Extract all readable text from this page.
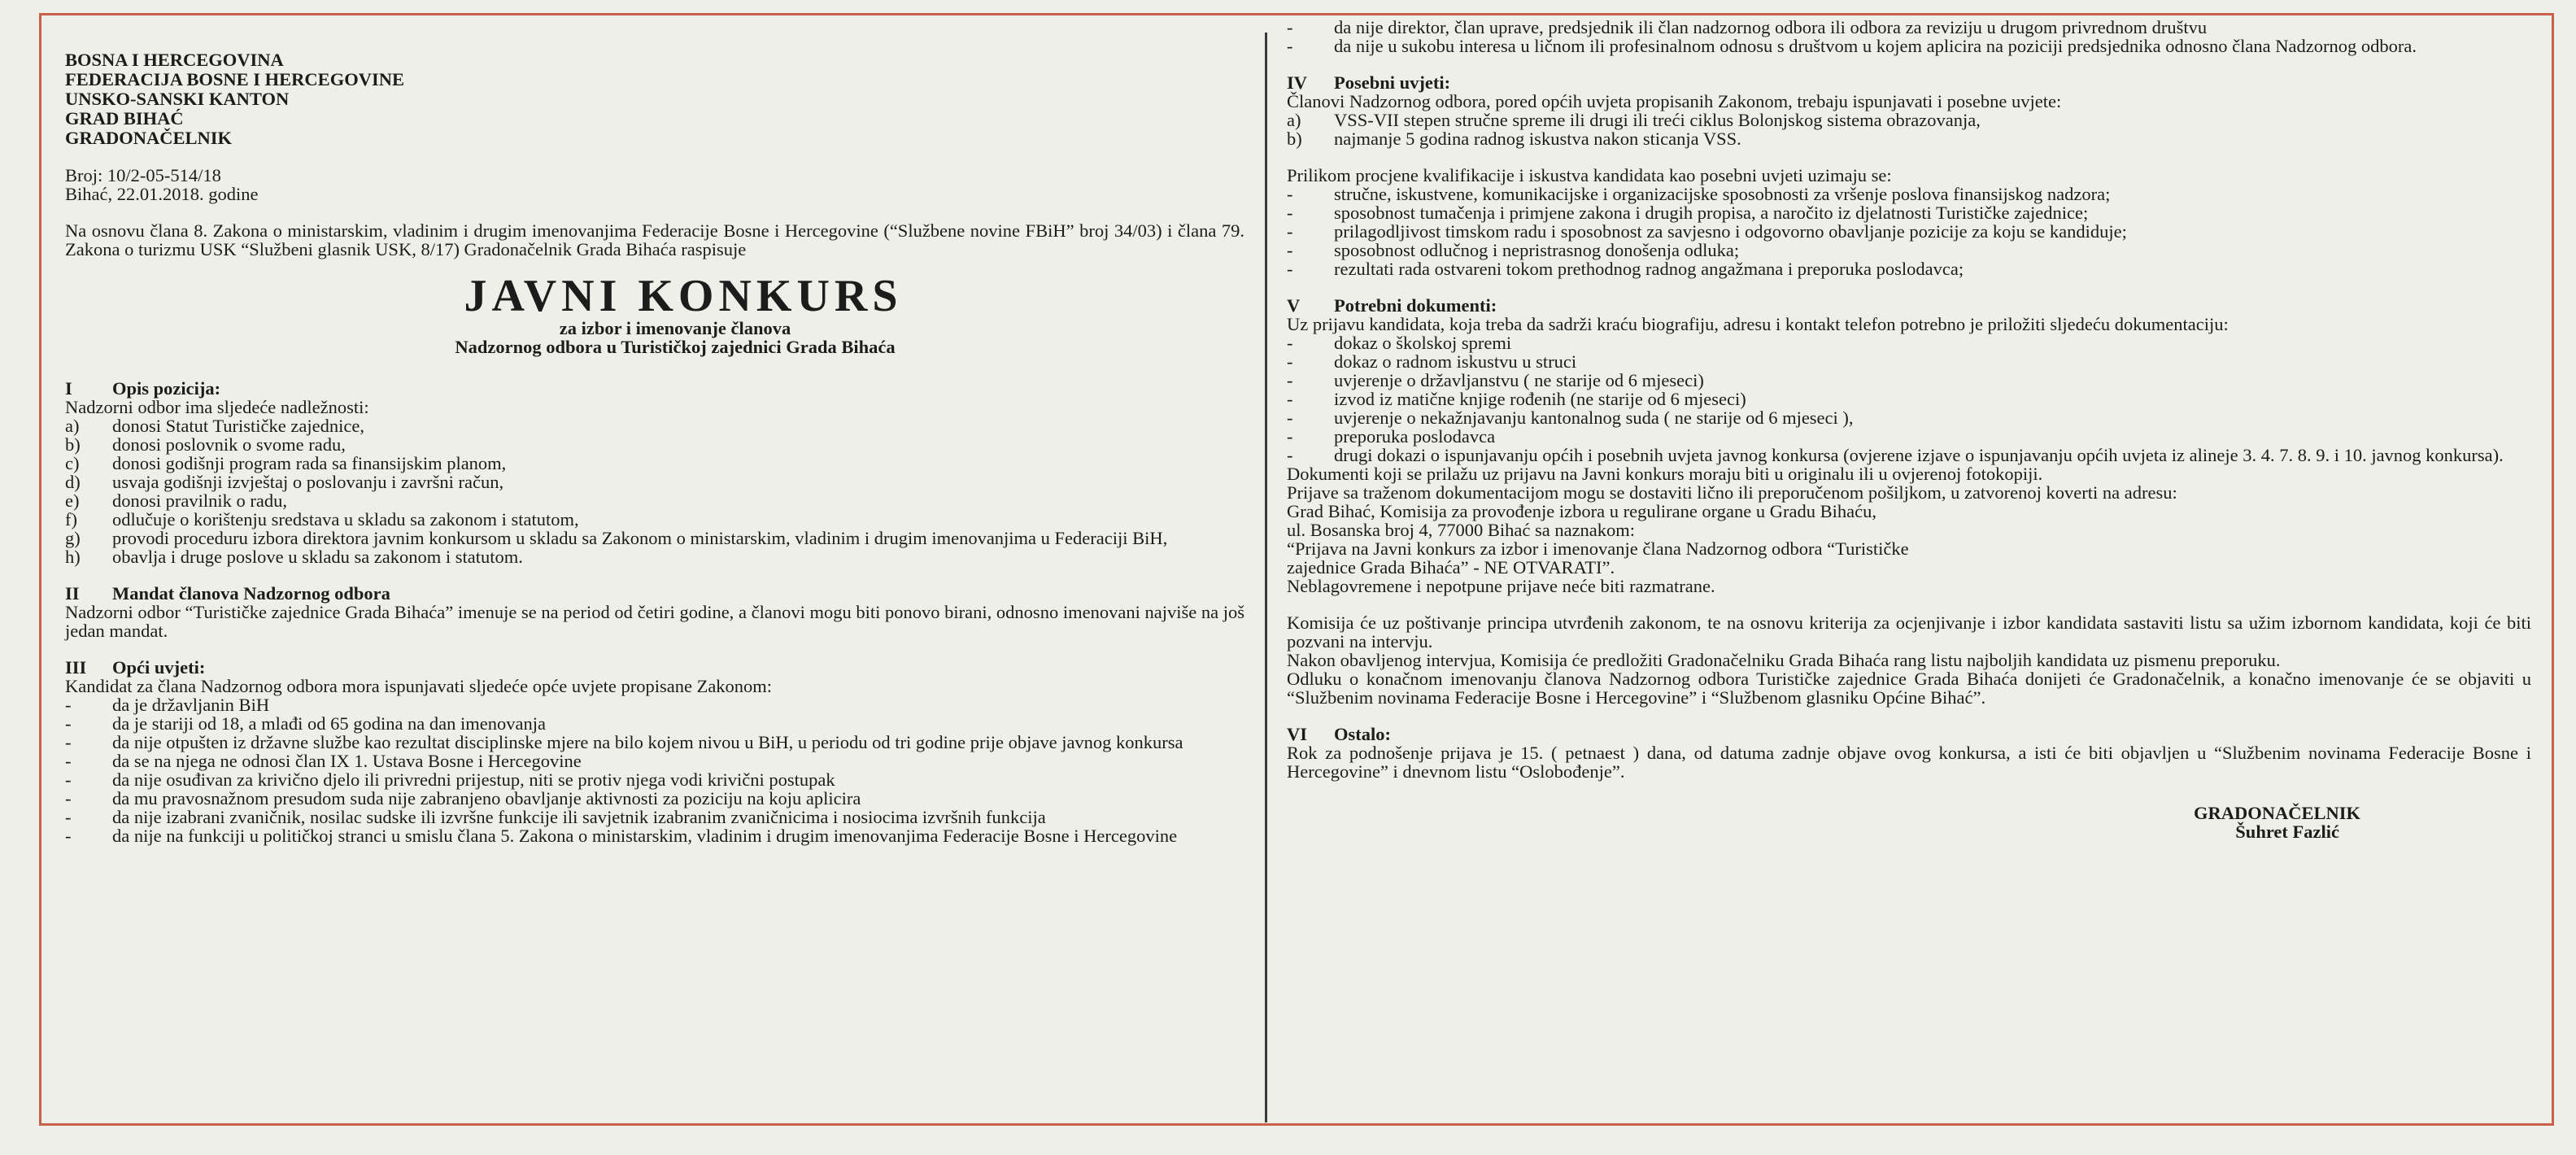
BOSNA I HERCEGOVINA
FEDERACIJA BOSNE I HERCEGOVINE
UNSKO-SANSKI KANTON
GRAD BIHAĆ
GRADONAČELNIK
Broj: 10/2-05-514/18
Bihać, 22.01.2018. godine
Na osnovu člana 8. Zakona o ministarskim, vladinim i drugim imenovanjima Federacije Bosne i Hercegovine (“Službene novine FBiH” broj 34/03) i člana 79. Zakona o turizmu USK “Službeni glasnik USK, 8/17) Gradonačelnik Grada Bihaća raspisuje
JAVNI KONKURS
za izbor i imenovanje članova
Nadzornog odbora u Turističkoj zajednici Grada Bihaća
I Opis pozicija:
Nadzorni odbor ima sljedeće nadležnosti:
a) donosi Statut Turističke zajednice,
b) donosi poslovnik o svome radu,
c) donosi godišnji program rada sa finansijskim planom,
d) usvaja godišnji izvještaj o poslovanju i završni račun,
e) donosi pravilnik o radu,
f) odlučuje o korištenju sredstava u skladu sa zakonom i statutom,
g) provodi proceduru izbora direktora javnim konkursom u skladu sa Zakonom o ministarskim, vladinim i drugim imenovanjima u Federaciji BiH,
h) obavlja i druge poslove u skladu sa zakonom i statutom.
II Mandat članova Nadzornog odbora
Nadzorni odbor “Turističke zajednice Grada Bihaća” imenuje se na period od četiri godine, a članovi mogu biti ponovo birani, odnosno imenovani najviše na još jedan mandat.
III Opći uvjeti:
Kandidat za člana Nadzornog odbora mora ispunjavati sljedeće opće uvjete propisane Zakonom:
- da je državljanin BiH
- da je stariji od 18, a mlađi od 65 godina na dan imenovanja
- da nije otpušten iz državne službe kao rezultat disciplinske mjere na bilo kojem nivou u BiH, u periodu od tri godine prije objave javnog konkursa
- da se na njega ne odnosi član IX 1. Ustava Bosne i Hercegovine
- da nije osuđivan za krivično djelo ili privredni prijestup, niti se protiv njega vodi krivični postupak
- da mu pravosnažnom presudom suda nije zabranjeno obavljanje aktivnosti za poziciju na koju aplicira
- da nije izabrani zvaničnik, nosilac sudske ili izvršne funkcije ili savjetnik izabranim zvaničnicima i nosiocima izvršnih funkcija
- da nije na funkciji u političkoj stranci u smislu člana 5. Zakona o ministarskim, vladinim i drugim imenovanjima Federacije Bosne i Hercegovine
- da nije direktor, član uprave, predsjednik ili član nadzornog odbora ili odbora za reviziju u drugom privrednom društvu
- da nije u sukobu interesa u ličnom ili profesinalnom odnosu s društvom u kojem aplicira na poziciji predsjednika odnosno člana Nadzornog odbora.
IV Posebni uvjeti:
Članovi Nadzornog odbora, pored općih uvjeta propisanih Zakonom, trebaju ispunjavati i posebne uvjete:
a) VSS-VII stepen stručne spreme ili drugi ili treći ciklus Bolonjskog sistema obrazovanja,
b) najmanje 5 godina radnog iskustva nakon sticanja VSS.
Prilikom procjene kvalifikacije i iskustva kandidata kao posebni uvjeti uzimaju se:
- stručne, iskustvene, komunikacijske i organizacijske sposobnosti za vršenje poslova finansijskog nadzora;
- sposobnost tumačenja i primjene zakona i drugih propisa, a naročito iz djelatnosti Turističke zajednice;
- prilagodljivost timskom radu i sposobnost za savjesno i odgovorno obavljanje pozicije za koju se kandiduje;
- sposobnost odlučnog i nepristrasnog donošenja odluka;
- rezultati rada ostvareni tokom prethodnog radnog angažmana i preporuka poslodavca;
V Potrebni dokumenti:
Uz prijavu kandidata, koja treba da sadrži kraću biografiju, adresu i kontakt telefon potrebno je priložiti sljedeću dokumentaciju:
- dokaz o školskoj spremi
- dokaz o radnom iskustvu u struci
- uvjerenje o državljanstvu ( ne starije od 6 mjeseci)
- izvod iz matične knjige rođenih (ne starije od 6 mjeseci)
- uvjerenje o nekažnjavanju kantonalnog suda ( ne starije od 6 mjeseci ),
- preporuka poslodavca
- drugi dokazi o ispunjavanju općih i posebnih uvjeta javnog konkursa (ovjerene izjave o ispunjavanju općih uvjeta iz alineje 3. 4. 7. 8. 9. i 10. javnog konkursa).
Dokumenti koji se prilažu uz prijavu na Javni konkurs moraju biti u originalu ili u ovjerenoj fotokopiji.
Prijave sa traženom dokumentacijom mogu se dostaviti lično ili preporučenom pošiljkom, u zatvorenoj koverti na adresu:
Grad Bihać, Komisija za provođenje izbora u regulirane organe u Gradu Bihaću,
ul. Bosanska broj 4, 77000 Bihać sa naznakom:
“Prijava na Javni konkurs za izbor i imenovanje člana Nadzornog odbora “Turističke
zajednice Grada Bihaća” - NE OTVARATI”.
Neblagovremene i nepotpune prijave neće biti razmatrane.
Komisija će uz poštivanje principa utvrđenih zakonom, te na osnovu kriterija za ocjenjivanje i izbor kandidata sastaviti listu sa užim izbornom kandidata, koji će biti pozvani na intervju.
Nakon obavljenog intervjua, Komisija će predložiti Gradonačelniku Grada Bihaća rang listu najboljih kandidata uz pismenu preporuku.
Odluku o konačnom imenovanju članova Nadzornog odbora Turističke zajednice Grada Bihaća donijeti će Gradonačelnik, a konačno imenovanje će se objaviti u “Službenim novinama Federacije Bosne i Hercegovine” i “Službenom glasniku Općine Bihać”.
VI Ostalo:
Rok za podnošenje prijava je 15. ( petnaest ) dana, od datuma zadnje objave ovog konkursa, a isti će biti objavljen u “Službenim novinama Federacije Bosne i Hercegovine” i dnevnom listu “Oslobođenje”.
GRADONAČELNIK
Šuhret Fazlić
